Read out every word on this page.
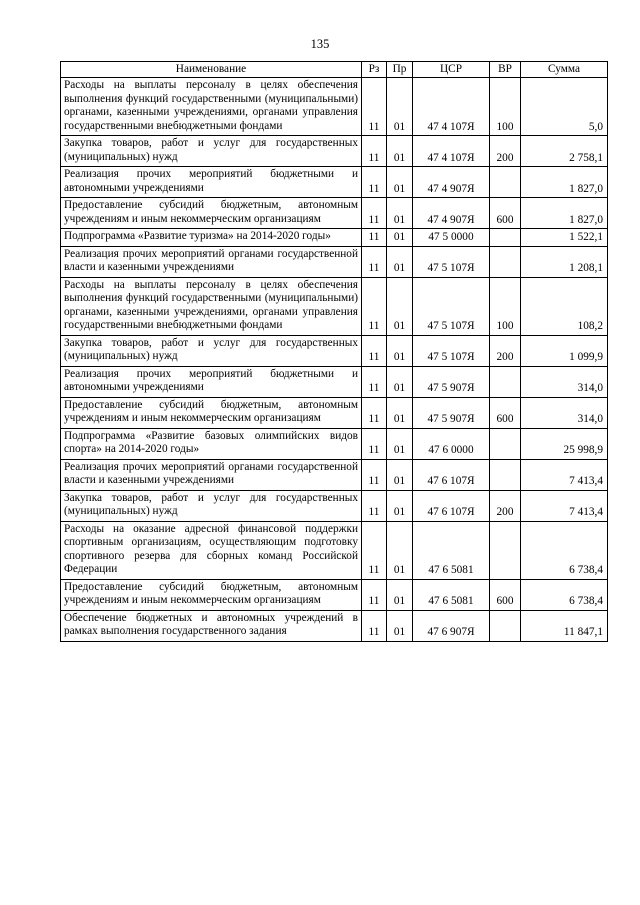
135
Наименование	Рз	Пр	ЦСР	ВР	Сумма
Расходы на выплаты персоналу в целях обеспечения выполнения функций государственными (муниципальными) органами, казенными учреждениями, органами управления государственными внебюджетными фондами	11	01	47 4 107Я	100	5,0
Закупка товаров, работ и услуг для государственных (муниципальных) нужд	11	01	47 4 107Я	200	2 758,1
Реализация прочих мероприятий бюджетными и автономными учреждениями	11	01	47 4 907Я		1 827,0
Предоставление субсидий бюджетным, автономным учреждениям и иным некоммерческим организациям	11	01	47 4 907Я	600	1 827,0
Подпрограмма «Развитие туризма» на 2014-2020 годы»	11	01	47 5 0000		1 522,1
Реализация прочих мероприятий органами государственной власти и казенными учреждениями	11	01	47 5 107Я		1 208,1
Расходы на выплаты персоналу в целях обеспечения выполнения функций государственными (муниципальными) органами, казенными учреждениями, органами управления государственными внебюджетными фондами	11	01	47 5 107Я	100	108,2
Закупка товаров, работ и услуг для государственных (муниципальных) нужд	11	01	47 5 107Я	200	1 099,9
Реализация прочих мероприятий бюджетными и автономными учреждениями	11	01	47 5 907Я		314,0
Предоставление субсидий бюджетным, автономным учреждениям и иным некоммерческим организациям	11	01	47 5 907Я	600	314,0
Подпрограмма «Развитие базовых олимпийских видов спорта» на 2014-2020 годы»	11	01	47 6 0000		25 998,9
Реализация прочих мероприятий органами государственной власти и казенными учреждениями	11	01	47 6 107Я		7 413,4
Закупка товаров, работ и услуг для государственных (муниципальных) нужд	11	01	47 6 107Я	200	7 413,4
Расходы на оказание адресной финансовой поддержки спортивным организациям, осуществляющим подготовку спортивного резерва для сборных команд Российской Федерации	11	01	47 6 5081		6 738,4
Предоставление субсидий бюджетным, автономным учреждениям и иным некоммерческим организациям	11	01	47 6 5081	600	6 738,4
Обеспечение бюджетных и автономных учреждений в рамках выполнения государственного задания	11	01	47 6 907Я		11 847,1
